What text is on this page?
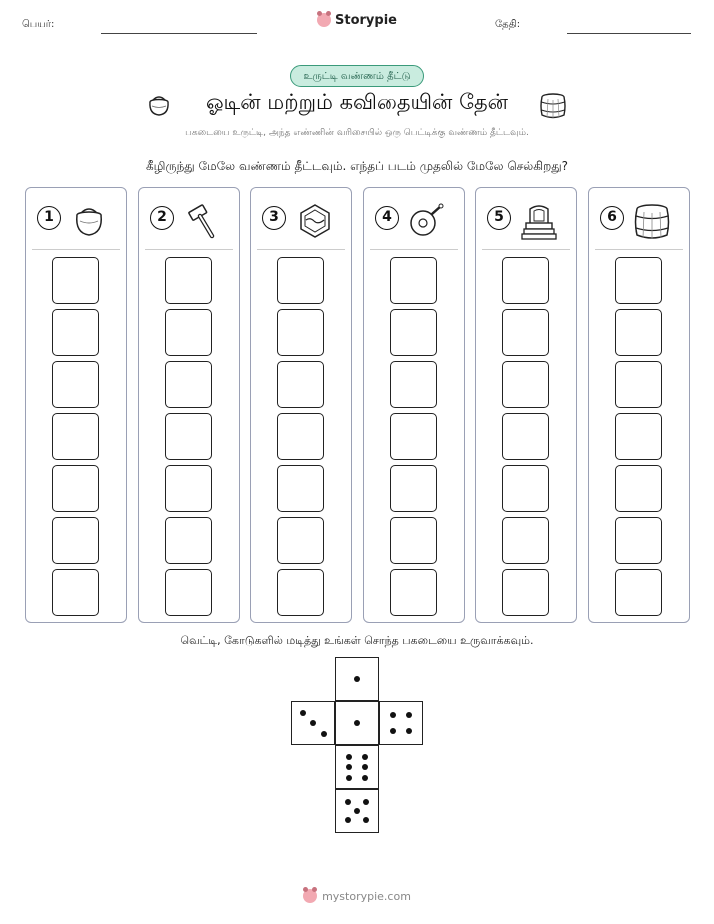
பெயர்:	தேதி:
Storypie
உருட்டி வண்ணம் தீட்டு
ஓடின் மற்றும் கவிதையின் தேன்
பகடையை உருட்டி, அந்த எண்ணின் வரிசையில் ஒரு பெட்டிக்கு வண்ணம் தீட்டவும்.
கீழிருந்து மேலே வண்ணம் தீட்டவும். எந்தப் படம் முதலில் மேலே செல்கிறது?
1	2	3	4	5	6
வெட்டி, கோடுகளில் மடித்து உங்கள் சொந்த பகடையை உருவாக்கவும்.
mystorypie.com
